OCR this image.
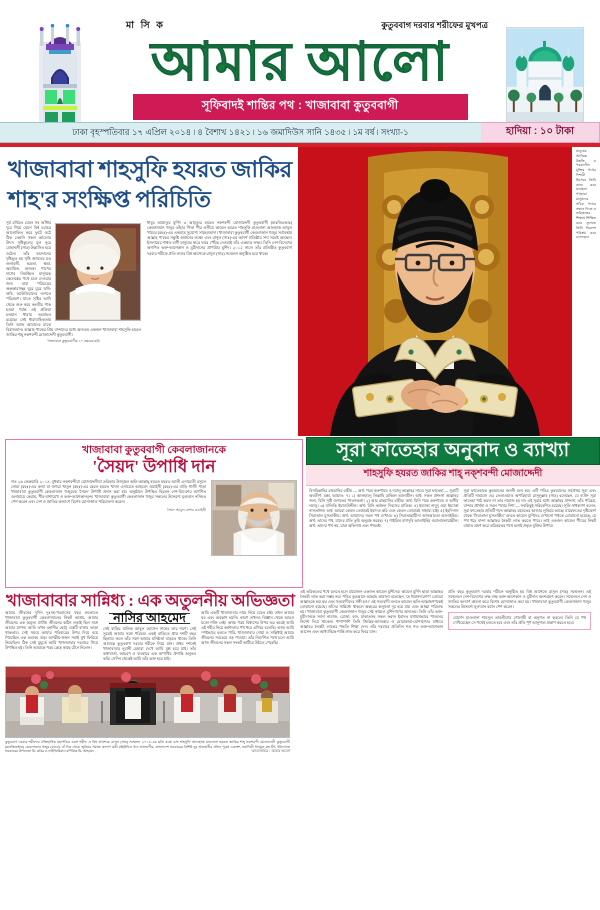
মা সি ক	কুতুববাগ দরবার শরীফের মুখপত্র
আমার আলো
সূফিবাদই শান্তির পথ : খাজাবাবা কুতুববাগী
ঢাকা বৃহস্পতিবার ১৭ এপ্রিল ২০১৪ ৷ ৪ বৈশাখ ১৪২১ ৷ ১৬ জমাদিউস সানি ১৪৩৫ ৷ ১ম বর্ষ ৷ সংখ্যা-১	হাদিয়া : ১০ টাকা
খাজাবাবা শাহসুফি হযরত জাকির শাহ'র সংক্ষিপ্ত পরিচিতি
সূর্য রশ্মিতে যেমন সব আঁধার দূরে গিয়ে যেমন বিশ্ব চরাচর আলোকিত করে ফুটে ওঠে ঠিক তেমনি সকল আলোর উৎস সৃষ্টিকূলের মূল নূরে মোহাম্মদী (সাঃ) উদ্ভাসিত হয়ে ওঠেন। তাঁর অবদানের দৃষ্টিভূত হয় সৃষ্টি জগতের যত গুনাবলী, ভদ্রতা, ক্ষমা, অমায়িক, অজস্র। পাপের দাগের নিমজ্জিত মানুষকে কেলেঙ্কের পথে চলে দেওয়ার জন্য বাবা পরিচয়ের অন্ধকারাচ্ছন্ন ঘুরে ঘুরে ঋষি-ঋষি, আউলিয়াদের জগতে পরিভ্রমণ। যাতে সৃষ্টির আদি থেকে শুরু করে কলমীর পাক হওয়া পর্যন্ত এই প্রক্রিয়া চলমান ধারায় অব্যাহত রয়েছে। সেই ধারাবাহিকতায় তিনি আজ আমাদের মাঝে বিরাজমান। আল্লাহ পাকের প্রিয় বান্দাদের মধ্যে অন্যতম একজন খাজাবাবা শাহসুফি হযরত জাকির শাহ্‌ নকশবন্দী মোজাদ্দেদী কুতুববাগী।
খাজাবাবা কুতুববাগীর ১০ বছরের ছবি
ধাবুর আয়াতুর মুর্শিদ ৩ আমৃত্যুর হযরত নকশবন্দী মোজাদ্দেদী কুতুববাগী (মাঃজিঃআঃ) কেবলাজান হুজুর তাঁহার পিতা পীর ওলীয়ে কামেল হযরত শাহসুফি মাওলানা আলহাজ্ব আবুল খায়ের (রহঃ)-এর একমাত্র সুযোগ্য সাহেবজাদা। খাজাবাবা কুতুববাগী কেবলাজান হুজুর সর্বাবস্থায় আল্লাহ পাকের সন্তুষ্টি অর্জনের লক্ষ্যে এবং রাসূল (সাঃ)-এর আদর্শ প্রতিষ্ঠায় সদা সচেষ্ট আছেন। ইসলামের শাশ্বত বাণী মানুষের দ্বারে দ্বারে পৌঁছে দেওয়াই তাঁর একমাত্র লক্ষ্য। তিনি দেশ-বিদেশের অগণিত ভক্ত-আশেকান ও মুরীদানের প্রাণপ্রিয় মুর্শিদ। ২০১২ সালে তাঁর প্রতিষ্ঠিত কুতুববাগ দরবার শরীফে প্রতি বৎসর বিশ্ব আশেকে রাসূল (সাঃ) সম্মেলন অনুষ্ঠিত হয়ে থাকে।
মানুষের আত্মিক উন্নতি ও পরকালীন মুক্তির পথের দিশারী হিসেবে তিনি কাজ করে যাচ্ছেন। পথহারা মানুষদের সঠিক পথের সন্ধান দিতে ও তরিকতের শিক্ষায় শিক্ষিত করে তুলতে তিনি নিরলস পরিশ্রম করে চলেছেন।
খাজাবাবা কুতুববাগী কেবলাজানকে
'সৈয়দ' উপাধি দান
গত ২৬ ফেব্রুয়ারি ২০১৪, বুধবার নকশবন্দীয়া মোজাদ্দেদীয়া তরিকার উজ্জ্বল অলি-আল্লাহ্ হযরত হযরত আলী এনায়েতী রসুলে নোমা (রহঃ)-এর কন্যা মা জহুরা খাতুন (রহঃ)-এর ছেলে হযরত খাজা এনায়েত আহমেদ ওয়াইসী (রহঃ)-এর বাড়ি গাজী পাড়া খাজাবাবা কুতুববাগী কেবলাজান হুজুরকে 'সৈয়দ' উপাধি প্রদান করা হয়। অনুষ্ঠানে উপস্থিত ছিলেন দেশ-বিদেশের অগণিত ওলামায়ে কেরাম, পীর-মাশায়েখ ও ভক্ত-আশেকানবৃন্দ। খাজাবাবা কুতুববাগী কেবলাজান হুজুর সকলের উদ্দেশ্যে মূল্যবান নসিহত পেশ করেন এবং দেশ ও জাতির কল্যাণে বিশেষ মোনাজাত পরিচালনা করেন।
সৈয়দ আবুল বাশার ওয়াইসী
সূরা ফাতেহার অনুবাদ ও ব্যাখ্যা
শাহসুফি হযরত জাকির শাহ্ নক্শবন্দী মোজাদ্দেদী
বিসমিল্লাহির রাহমানির রাহীম — অর্থ: পরম করুণাময় ও দয়ালু আল্লাহর নামে। সূরা ফাতেহা — সূরাটি অবতীর্ণ: মক্কা, আয়াত: ৭। ১) আলহামদু লিল্লাহি রাব্বিল আলামীন। অর্থ: সকল প্রশংসা আল্লাহর জন্য, যিনি সৃষ্টি জগতের পালনকর্তা। ২) আর রাহমানির রাহীম। অর্থ: যিনি পরম করুণাময় ও অসীম দয়ালু। ৩) মালিকি ইয়াওমিদ্দীন। অর্থ: যিনি কর্মফল দিবসের মালিক। ৪) ইয়্যাকা নাবুদু ওয়া ইয়্যাকা নাসতাঈন। অর্থ: আমরা কেবল তোমারই ইবাদত করি এবং কেবল তোমারই সাহায্য চাই। ৫) ইহদিনাস সিরাতাল মুসতাকীম। অর্থ: আমাদের সরল পথ দেখাও। ৬) সিরাতাল্লাযীনা আনআমতা আলাইহিম। অর্থ: তাদের পথ, যাদের প্রতি তুমি অনুগ্রহ করেছ। ৭) গাইরিল মাগদূবি আলাইহিম ওয়ালাদ্দোয়াল্লীন। অর্থ: তাদের পথ নয়, যারা অভিশপ্ত এবং পথভ্রষ্ট।
সূরা ফাতেহাকে কুরআনের জননী বলা হয়। এটি পবিত্র কুরআনের সর্বপ্রথম সূরা এবং প্রতিটি নামাজে এর তেলাওয়াত অপরিহার্য। রাসূলুল্লাহ (সাঃ) বলেছেন, যে ব্যক্তি সূরা ফাতেহা পাঠ করল না তার নামাজ হয় না। এই সূরার মধ্যে আল্লাহর প্রশংসা, তাঁর পরিচয়, বান্দার প্রার্থনা ও সরল পথের দিশা — সবকিছুই সন্নিবেশিত হয়েছে। সূফি সাধকগণ বলেন, সূরা ফাতেহার প্রতিটি শব্দে আল্লাহর রহমতের ভাণ্ডার লুকিয়ে আছে। মারেফতের দৃষ্টিকোণ থেকে 'সিরাতাল মুসতাকীম' বলতে কামেল মুর্শিদের দেখানো পথকে বোঝানো হয়েছে, যে পথ ধরে বান্দা আল্লাহর নৈকট্য লাভ করতে পারে। তাই একজন কামেল পীরের নিকট বায়াত গ্রহণ করে তরিকতের পথে চলাই প্রকৃত মুক্তির উপায়।
খাজাবাবার সান্নিধ্য : এক অতুলনীয় অভিজ্ঞতা
আমার জীবনের দুর্দিন দুঃসহ-পরবাসের বছর গুলোতে খাজাবাবা কুতুববাগী কেবলাজানের নিকট আশ্রয়, আমার জীবনের এক অমূল্য প্রাপ্তি। জীবনের কঠিন লড়াই ছিল সঙ্গে আমার যাপন। আমি তখন বনানীর ছোট্ট একটি বাসায় ভাড়া থাকতাম। সেই সময়ে আমার পরিবারের উপর দিয়ে বয়ে গিয়েছিল এক ভয়াবহ ঝড়। আত্মীয়-স্বজন সবাই মুখ ফিরিয়ে নিয়েছিল। ঠিক সেই মুহূর্তে আমি খাজাবাবার দরবারে গিয়ে উপস্থিত হই। তিনি আমাকে পরম স্নেহে কাছে টেনে নিলেন।
নাসির আহমেদ
সেই বাড়ির মালিক আবুল হোসেন সাহেব তার শরণ। সেই সূত্রেই আমার সঙ্গে পরিচয়। একই বাড়িতে প্রায় দশটি বছর ছিলাম। ফলে তাঁর সঙ্গে আমার ঘনিষ্ঠতা বাড়তে থাকে। তিনি আমাকে কুতুববাগ দরবার শরীফে নিয়ে যান। প্রথম দর্শনেই খাজাবাবার নূরানী চেহারা দেখে আমি মুগ্ধ হয়ে যাই। তাঁর কথাবার্তা, আচরণ ও ব্যবহারে এক অপার্থিব প্রশান্তি অনুভব করি। সেদিন থেকেই আমি তাঁর ভক্ত হয়ে যাই।
আমি একটি খাজাবাবার নামে নিয়ে যেতে চাই। তখন আমার ঘর এবং অবকাশ হয়নি। কারণ তখনও বিজ্ঞান থেকে আরও মতো শক্তি নেই। অথচ পরম বিশ্বাসের উপর ভর করেই আমি এই শহীর নিয়ে কর্মশালার পথ ধরে এগিয়ে চলেছি। আজ আমি স্পষ্টভাবে বলতে পারি, খাজাবাবার দোয়া ও সান্নিধ্যই আমার জীবনের সবচেয়ে বড় পাওয়া। তাঁর নির্দেশিত পথে চলে আমি আজ জীবনের সকল সংকট কাটিয়ে উঠতে পেরেছি।
কুতুববাগ দরবার শরীফের ঐতিহাসিক মহাপবিত্র ওরস শরীফ ও বিশ্ব আশেকে রাসূল (সাঃ) সম্মেলন ২০১৪-এর ছবি। মঞ্চে বসা শাহসুফি আলহাজ্ব মাওলানা হযরত জাকির শাহ্ নকশবন্দী মোজাদ্দেদী কুতুববাগী (মাঃজিঃআঃ) কেবলাজান হুজুর (মাঝে), বাঁ দিক থেকে জুনিয়র সমাজ কল্যাণ মন্ত্রী মহিউদ্দিন খান আলমগীর, বাংলাদেশ সরকারের বিশিষ্ট নূর আলমগীর প্রধান পুরুষ একাংশ, নয়াদিল্লী ধানমুল রুহ ইঁহু, ধরিদ্যাতে সরকারের উপনেতা মি: কবির ও নাইজিরিয়ান বণিকিক মি: আহমেদ	আলোকচিত্র : আমার আলো
এই তরিকতের পথে চলতে হলে প্রয়োজন একজন কামেল মুর্শিদের। কামেল মুর্শিদ ছাড়া আল্লাহর নৈকট্য লাভ করা সম্ভব নয়। পবিত্র কুরআনে আল্লাহ তায়ালা বলেছেন, 'হে ঈমানদারগণ! তোমরা আল্লাহকে ভয় কর এবং সত্যবাদীদের সঙ্গী হও।' এই সত্যবাদী বলতে কামেল অলি-আল্লাহগণকেই বোঝানো হয়েছে। তাঁদের সান্নিধ্যে থাকলে অন্তরের কলুষতা দূর হয়ে যায় এবং আত্মা পরিশুদ্ধ হয়। খাজাবাবা কুতুববাগী কেবলাজান হুজুর সেই কামেল মুর্শিদগণের অন্যতম। তিনি তাঁর ভক্ত-মুরীদানকে সর্বদা নামাজ, রোজা, হজ, যাকাতসহ সকল ফরজ ইবাদত যথাযথভাবে পালনের নির্দেশ দিয়ে থাকেন। পাশাপাশি তিনি জিকির-আজকার ও মোরাকাবা-মোশাহাদার মাধ্যমে আল্লাহর নৈকট্য লাভের পদ্ধতি শিক্ষা দেন। তাঁর দরবারে প্রতিদিন শত শত ভক্ত-আশেকান আসেন এবং আধ্যাত্মিক শান্তি লাভ করে ফিরে যান।
প্রতি বছর কুতুববাগ দরবার শরীফে অনুষ্ঠিত হয় বিশ্ব আশেকে রাসূল (সাঃ) সম্মেলন। এই সম্মেলনে দেশ-বিদেশের লক্ষ লক্ষ ভক্ত-আশেকান ও মুরীদান অংশগ্রহণ করেন। সম্মেলনে দেশ ও জাতির কল্যাণ কামনা করে বিশেষ মোনাজাত করা হয়। খাজাবাবা কুতুববাগী কেবলাজান হুজুর সকলের উদ্দেশ্যে মূল্যবান বয়ান পেশ করেন।
মোর্শেদ মাওলানা শামসুল তাবলীগের গোলামী বা অনুগত না করলে। তিনি যে পথ দেখিয়েছেন সে পথেই চলতে হবে এবং তাঁর প্রতি পূর্ণ আনুগত্য প্রকাশ করতে হবে।
